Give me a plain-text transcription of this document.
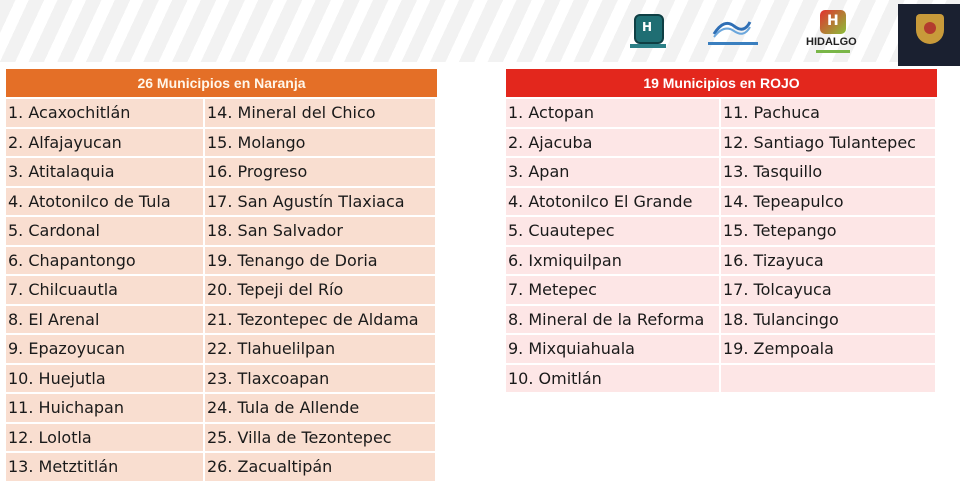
H	H
HIDALGO
26 Municipios en Naranja
1. Acaxochitlán	14. Mineral del Chico
2. Alfajayucan	15. Molango
3. Atitalaquia	16. Progreso
4. Atotonilco de Tula	17. San Agustín Tlaxiaca
5. Cardonal	18. San Salvador
6. Chapantongo	19. Tenango de Doria
7. Chilcuautla	20. Tepeji del Río
8. El Arenal	21. Tezontepec de Aldama
9. Epazoyucan	22. Tlahuelilpan
10. Huejutla	23. Tlaxcoapan
11. Huichapan	24. Tula de Allende
12. Lolotla	25. Villa de Tezontepec
13. Metztitlán	26. Zacualtipán
19 Municipios en ROJO
1. Actopan	11. Pachuca
2. Ajacuba	12. Santiago Tulantepec
3. Apan	13. Tasquillo
4. Atotonilco El Grande	14. Tepeapulco
5. Cuautepec	15. Tetepango
6. Ixmiquilpan	16. Tizayuca
7. Metepec	17. Tolcayuca
8. Mineral de la Reforma	18. Tulancingo
9. Mixquiahuala	19. Zempoala
10. Omitlán
